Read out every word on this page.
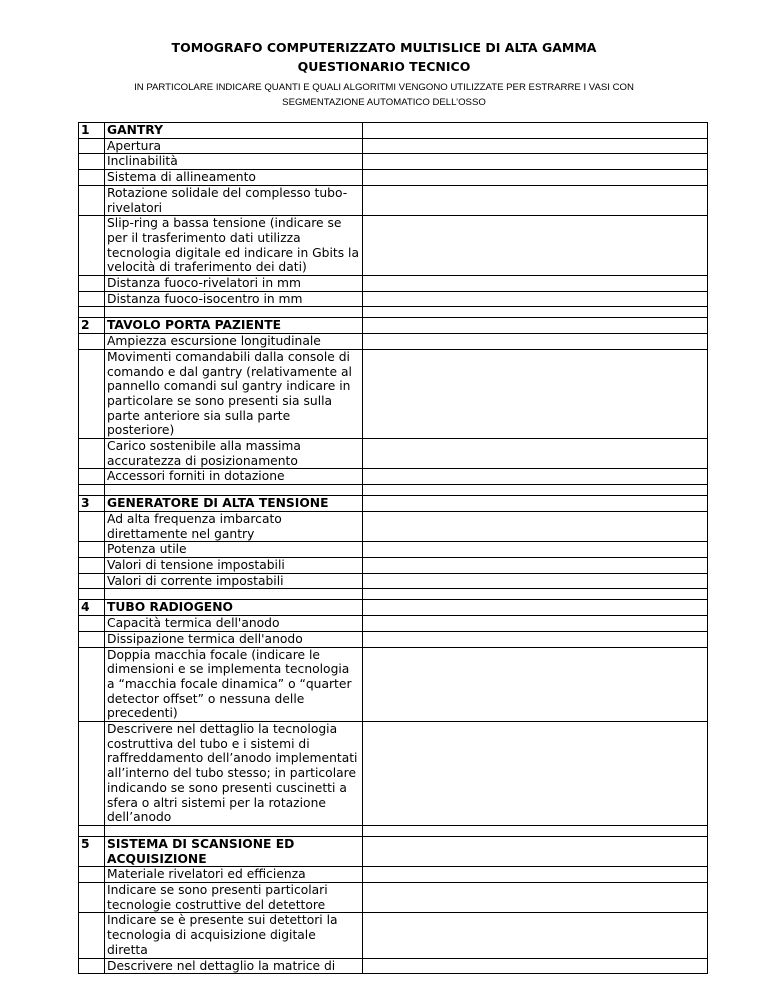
TOMOGRAFO COMPUTERIZZATO MULTISLICE DI ALTA GAMMA
QUESTIONARIO TECNICO
IN PARTICOLARE INDICARE QUANTI E QUALI ALGORITMI VENGONO UTILIZZATE PER ESTRARRE I VASI CON
SEGMENTAZIONE AUTOMATICO DELL’OSSO
1	GANTRY	
	Apertura	
	Inclinabilità	
	Sistema di allineamento	
	Rotazione solidale del complesso tubo-rivelatori	
	Slip-ring a bassa tensione (indicare se per il trasferimento dati utilizza tecnologia digitale ed indicare in Gbits la velocità di traferimento dei dati)	
	Distanza fuoco-rivelatori in mm	
	Distanza fuoco-isocentro in mm	

2	TAVOLO PORTA PAZIENTE	
	Ampiezza escursione longitudinale	
	Movimenti comandabili dalla console di comando e dal gantry (relativamente al pannello comandi sul gantry indicare in particolare se sono presenti sia sulla parte anteriore sia sulla parte posteriore)	
	Carico sostenibile alla massima accuratezza di posizionamento	
	Accessori forniti in dotazione	

3	GENERATORE DI ALTA TENSIONE	
	Ad alta frequenza imbarcato direttamente nel gantry	
	Potenza utile	
	Valori di tensione impostabili	
	Valori di corrente impostabili	

4	TUBO RADIOGENO	
	Capacità termica dell'anodo	
	Dissipazione termica dell'anodo	
	Doppia macchia focale (indicare le dimensioni e se implementa tecnologia a “macchia focale dinamica” o “quarter detector offset” o nessuna delle precedenti)	
	Descrivere nel dettaglio la tecnologia costruttiva del tubo e i sistemi di raffreddamento dell’anodo implementati all’interno del tubo stesso; in particolare indicando se sono presenti cuscinetti a sfera o altri sistemi per la rotazione dell’anodo	

5	SISTEMA DI SCANSIONE ED ACQUISIZIONE	
	Materiale rivelatori ed efficienza	
	Indicare se sono presenti particolari tecnologie costruttive del detettore	
	Indicare se è presente sui detettori la tecnologia di acquisizione digitale diretta	
	Descrivere nel dettaglio la matrice di	
